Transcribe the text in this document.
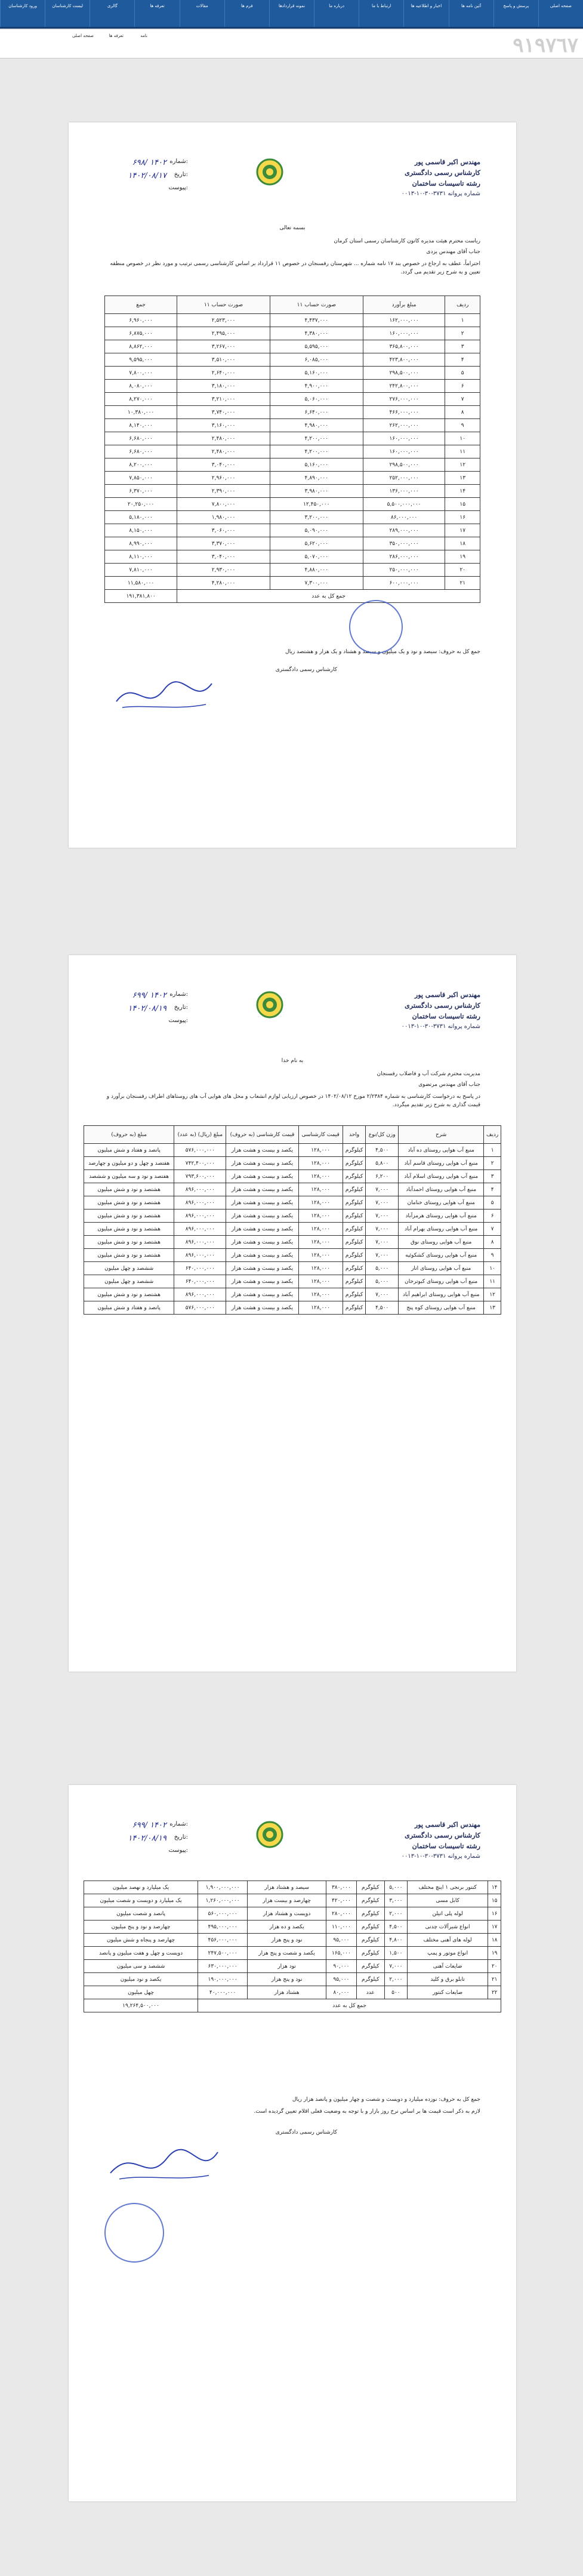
صفحه اصلی
پرسش و پاسخ
آئین نامه ها
اخبار و اطلاعیه ها
ارتباط با ما
درباره ما
نمونه قراردادها
فرم ها
مقالات
تعرفه ها
گالری
لیست کارشناسان
ورود کارشناسان
صفحه اصلی	تعرفه ها	نامه	٩١٩٧٦٧
مهندس اکبر قاسمی پور
کارشناس رسمی دادگستری
رشته تاسیسات ساختمان
شماره پروانه ۳۷۳۱-۳۰-۱۰-۰۰۱۳
شماره:
۶۹۸/ ۱۴۰۲
تاریخ:
۱۴۰۲/۰۸/۱۷
پیوست:
بسمه تعالی
ریاست محترم هیئت مدیره کانون کارشناسان رسمی استان کرمان
جناب آقای مهندس یزدی
احتراماً، عطف به ارجاع در خصوص بند ۱۷ نامه شماره ... شهرستان رفسنجان در خصوص ۱۱ قرارداد بر اساس کارشناسی رسمی ترتیب و مورد نظر در خصوص منطقه تعیین و به شرح زیر تقدیم می گردد.
ردیف	مبلغ برآورد	صورت حساب ۱۱	صورت حساب ۱۱	جمع
۱	۱۶۲,۰۰۰,۰۰۰	۴,۴۳۷,۰۰۰	۲,۵۲۳,۰۰۰	۶,۹۶۰,۰۰۰
۲	۱۶۰,۰۰۰,۰۰۰	۴,۳۸۰,۰۰۰	۲,۴۹۵,۰۰۰	۶,۸۷۵,۰۰۰
۳	۳۶۵,۸۰۰,۰۰۰	۵,۵۹۵,۰۰۰	۳,۲۶۷,۰۰۰	۸,۸۶۲,۰۰۰
۴	۴۲۳,۸۰۰,۰۰۰	۶,۰۸۵,۰۰۰	۳,۵۱۰,۰۰۰	۹,۵۹۵,۰۰۰
۵	۲۹۸,۵۰۰,۰۰۰	۵,۱۶۰,۰۰۰	۲,۶۴۰,۰۰۰	۷,۸۰۰,۰۰۰
۶	۲۴۲,۸۰۰,۰۰۰	۴,۹۰۰,۰۰۰	۳,۱۸۰,۰۰۰	۸,۰۸۰,۰۰۰
۷	۲۷۶,۰۰۰,۰۰۰	۵,۰۶۰,۰۰۰	۳,۲۱۰,۰۰۰	۸,۲۷۰,۰۰۰
۸	۴۶۶,۰۰۰,۰۰۰	۶,۶۴۰,۰۰۰	۳,۷۴۰,۰۰۰	۱۰,۳۸۰,۰۰۰
۹	۲۶۲,۰۰۰,۰۰۰	۴,۹۸۰,۰۰۰	۳,۱۶۰,۰۰۰	۸,۱۴۰,۰۰۰
۱۰	۱۶۰,۰۰۰,۰۰۰	۴,۲۰۰,۰۰۰	۲,۴۸۰,۰۰۰	۶,۶۸۰,۰۰۰
۱۱	۱۶۰,۰۰۰,۰۰۰	۴,۲۰۰,۰۰۰	۲,۴۸۰,۰۰۰	۶,۶۸۰,۰۰۰
۱۲	۲۹۸,۵۰۰,۰۰۰	۵,۱۶۰,۰۰۰	۳,۰۴۰,۰۰۰	۸,۲۰۰,۰۰۰
۱۳	۲۵۲,۰۰۰,۰۰۰	۴,۸۹۰,۰۰۰	۲,۹۶۰,۰۰۰	۷,۸۵۰,۰۰۰
۱۴	۱۳۶,۰۰۰,۰۰۰	۳,۹۸۰,۰۰۰	۲,۳۹۰,۰۰۰	۶,۳۷۰,۰۰۰
۱۵	۵,۵۰۰,۰۰۰,۰۰۰	۱۲,۴۵۰,۰۰۰	۷,۸۰۰,۰۰۰	۲۰,۲۵۰,۰۰۰
۱۶	۸۶,۰۰۰,۰۰۰	۳,۲۰۰,۰۰۰	۱,۹۸۰,۰۰۰	۵,۱۸۰,۰۰۰
۱۷	۲۸۹,۰۰۰,۰۰۰	۵,۰۹۰,۰۰۰	۳,۰۶۰,۰۰۰	۸,۱۵۰,۰۰۰
۱۸	۳۵۰,۰۰۰,۰۰۰	۵,۶۲۰,۰۰۰	۳,۳۷۰,۰۰۰	۸,۹۹۰,۰۰۰
۱۹	۲۸۶,۰۰۰,۰۰۰	۵,۰۷۰,۰۰۰	۳,۰۴۰,۰۰۰	۸,۱۱۰,۰۰۰
۲۰	۲۵۰,۰۰۰,۰۰۰	۴,۸۸۰,۰۰۰	۲,۹۳۰,۰۰۰	۷,۸۱۰,۰۰۰
۲۱	۶۰۰,۰۰۰,۰۰۰	۷,۳۰۰,۰۰۰	۴,۲۸۰,۰۰۰	۱۱,۵۸۰,۰۰۰
جمع کل به عدد				۱۹۱,۳۸۱,۸۰۰
جمع کل به حروف: سیصد و نود و یک میلیون و سیصد و هشتاد و یک هزار و هشتصد ریال
کارشناس رسمی دادگستری
مهندس اکبر قاسمی پور
کارشناس رسمی دادگستری
رشته تاسیسات ساختمان
شماره پروانه ۳۷۳۱-۳۰-۱۰-۰۰۱۳
شماره:
۶۹۹/ ۱۴۰۲
تاریخ:
۱۴۰۲/۰۸/۱۹
پیوست:
به نام خدا
مدیریت محترم شرکت آب و فاضلاب رفسنجان
جناب آقای مهندس مرتضوی
در پاسخ به درخواست کارشناسی به شماره ۲/۲۳۸۴ مورخ ۱۴۰۲/۰۸/۱۲ در خصوص ارزیابی لوازم انشعاب و محل های هوایی آب های روستاهای اطراف رفسنجان برآورد و قیمت گذاری به شرح زیر تقدیم میگردد.
ردیف	شرح	وزن کل/نوع	واحد	قیمت کارشناسی	قیمت کارشناسی (به حروف)	مبلغ (ریال) (به عدد)	مبلغ (به حروف)
۱	منبع آب هوایی روستای ده آباد	۴,۵۰۰	کیلوگرم	۱۲۸,۰۰۰	یکصد و بیست و هشت هزار	۵۷۶,۰۰۰,۰۰۰	پانصد و هفتاد و شش میلیون
۲	منبع آب هوایی روستای قاسم آباد	۵,۸۰۰	کیلوگرم	۱۲۸,۰۰۰	یکصد و بیست و هشت هزار	۷۴۲,۴۰۰,۰۰۰	هفتصد و چهل و دو میلیون و چهارصد
۳	منبع آب هوایی روستای اسلام آباد	۶,۲۰۰	کیلوگرم	۱۲۸,۰۰۰	یکصد و بیست و هشت هزار	۷۹۳,۶۰۰,۰۰۰	هفتصد و نود و سه میلیون و ششصد
۴	منبع آب هوایی روستای احمدآباد	۷,۰۰۰	کیلوگرم	۱۲۸,۰۰۰	یکصد و بیست و هشت هزار	۸۹۶,۰۰۰,۰۰۰	هشتصد و نود و شش میلیون
۵	منبع آب هوایی روستای خنامان	۷,۰۰۰	کیلوگرم	۱۲۸,۰۰۰	یکصد و بیست و هشت هزار	۸۹۶,۰۰۰,۰۰۰	هشتصد و نود و شش میلیون
۶	منبع آب هوایی روستای هرمزآباد	۷,۰۰۰	کیلوگرم	۱۲۸,۰۰۰	یکصد و بیست و هشت هزار	۸۹۶,۰۰۰,۰۰۰	هشتصد و نود و شش میلیون
۷	منبع آب هوایی روستای بهرام آباد	۷,۰۰۰	کیلوگرم	۱۲۸,۰۰۰	یکصد و بیست و هشت هزار	۸۹۶,۰۰۰,۰۰۰	هشتصد و نود و شش میلیون
۸	منبع آب هوایی روستای نوق	۷,۰۰۰	کیلوگرم	۱۲۸,۰۰۰	یکصد و بیست و هشت هزار	۸۹۶,۰۰۰,۰۰۰	هشتصد و نود و شش میلیون
۹	منبع آب هوایی روستای کشکوئیه	۷,۰۰۰	کیلوگرم	۱۲۸,۰۰۰	یکصد و بیست و هشت هزار	۸۹۶,۰۰۰,۰۰۰	هشتصد و نود و شش میلیون
۱۰	منبع آب هوایی روستای انار	۵,۰۰۰	کیلوگرم	۱۲۸,۰۰۰	یکصد و بیست و هشت هزار	۶۴۰,۰۰۰,۰۰۰	ششصد و چهل میلیون
۱۱	منبع آب هوایی روستای کبوترخان	۵,۰۰۰	کیلوگرم	۱۲۸,۰۰۰	یکصد و بیست و هشت هزار	۶۴۰,۰۰۰,۰۰۰	ششصد و چهل میلیون
۱۲	منبع آب هوایی روستای ابراهیم آباد	۷,۰۰۰	کیلوگرم	۱۲۸,۰۰۰	یکصد و بیست و هشت هزار	۸۹۶,۰۰۰,۰۰۰	هشتصد و نود و شش میلیون
۱۳	منبع آب هوایی روستای کوه پنج	۴,۵۰۰	کیلوگرم	۱۲۸,۰۰۰	یکصد و بیست و هشت هزار	۵۷۶,۰۰۰,۰۰۰	پانصد و هفتاد و شش میلیون
مهندس اکبر قاسمی پور
کارشناس رسمی دادگستری
رشته تاسیسات ساختمان
شماره پروانه ۳۷۳۱-۳۰-۱۰-۰۰۱۳
شماره:
۶۹۹/ ۱۴۰۲
تاریخ:
۱۴۰۲/۰۸/۱۹
پیوست:
۱۴	کنتور برنجی ۱ اینچ مختلف	۵,۰۰۰	کیلوگرم	۳۸۰,۰۰۰	سیصد و هشتاد هزار	۱,۹۰۰,۰۰۰,۰۰۰	یک میلیارد و نهصد میلیون
۱۵	کابل مسی	۳,۰۰۰	کیلوگرم	۴۲۰,۰۰۰	چهارصد و بیست هزار	۱,۲۶۰,۰۰۰,۰۰۰	یک میلیارد و دویست و شصت میلیون
۱۶	لوله پلی اتیلن	۲,۰۰۰	کیلوگرم	۲۸۰,۰۰۰	دویست و هشتاد هزار	۵۶۰,۰۰۰,۰۰۰	پانصد و شصت میلیون
۱۷	انواع شیرآلات چدنی	۴,۵۰۰	کیلوگرم	۱۱۰,۰۰۰	یکصد و ده هزار	۴۹۵,۰۰۰,۰۰۰	چهارصد و نود و پنج میلیون
۱۸	لوله های آهنی مختلف	۴,۸۰۰	کیلوگرم	۹۵,۰۰۰	نود و پنج هزار	۴۵۶,۰۰۰,۰۰۰	چهارصد و پنجاه و شش میلیون
۱۹	انواع موتور و پمپ	۱,۵۰۰	کیلوگرم	۱۶۵,۰۰۰	یکصد و شصت و پنج هزار	۲۴۷,۵۰۰,۰۰۰	دویست و چهل و هفت میلیون و پانصد
۲۰	ضایعات آهنی	۷,۰۰۰	کیلوگرم	۹۰,۰۰۰	نود هزار	۶۳۰,۰۰۰,۰۰۰	ششصد و سی میلیون
۲۱	تابلو برق و کلید	۲,۰۰۰	کیلوگرم	۹۵,۰۰۰	نود و پنج هزار	۱۹۰,۰۰۰,۰۰۰	یکصد و نود میلیون
۲۲	ضایعات کنتور	۵۰۰	عدد	۸۰,۰۰۰	هشتاد هزار	۴۰,۰۰۰,۰۰۰	چهل میلیون
جمع کل به عدد							۱۹,۲۶۴,۵۰۰,۰۰۰
جمع کل به حروف: نوزده میلیارد و دویست و شصت و چهار میلیون و پانصد هزار ریال
لازم به ذکر است قیمت ها بر اساس نرخ روز بازار و با توجه به وضعیت فعلی اقلام تعیین گردیده است.
کارشناس رسمی دادگستری
